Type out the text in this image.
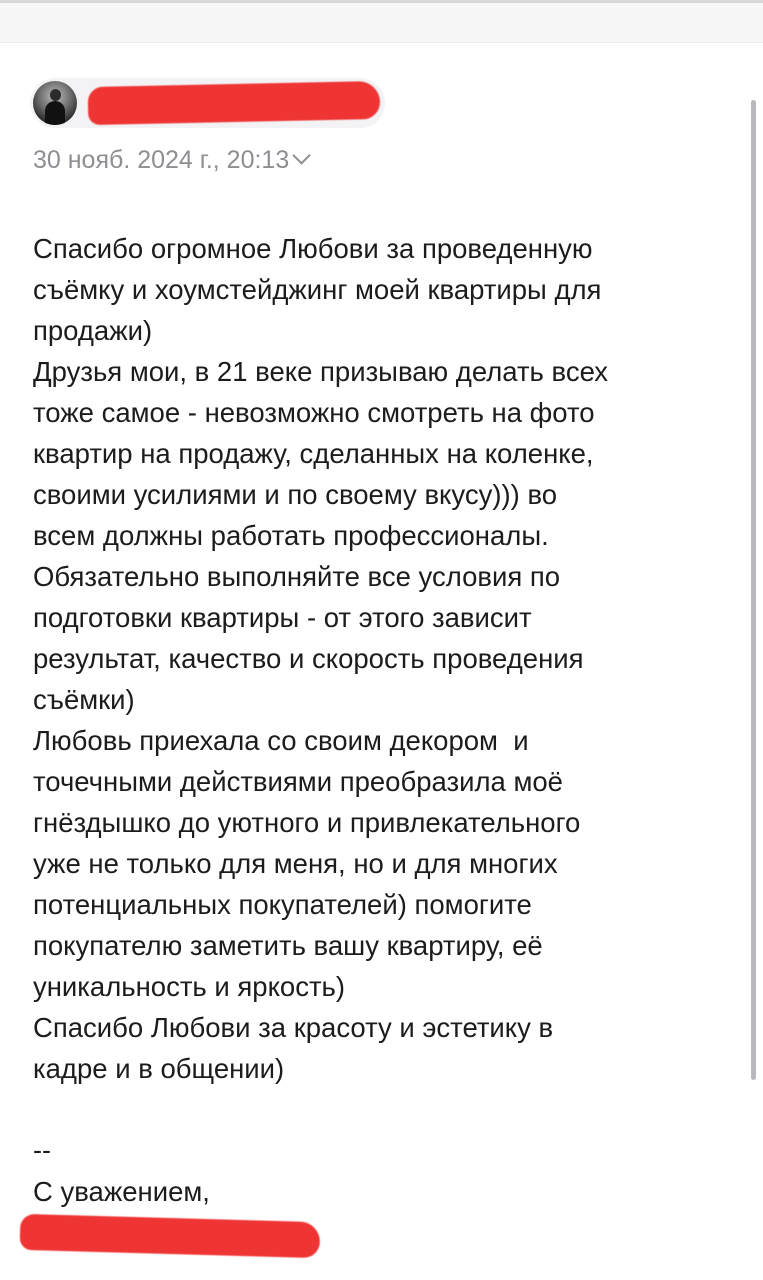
30 нояб. 2024 г., 20:13
Спасибо огромное Любови за проведенную
съёмку и хоумстейджинг моей квартиры для
продажи)
Друзья мои, в 21 веке призываю делать всех
тоже самое - невозможно смотреть на фото
квартир на продажу, сделанных на коленке,
своими усилиями и по своему вкусу))) во
всем должны работать профессионалы.
Обязательно выполняйте все условия по
подготовки квартиры - от этого зависит
результат, качество и скорость проведения
съёмки)
Любовь приехала со своим декором  и
точечными действиями преобразила моё
гнёздышко до уютного и привлекательного
уже не только для меня, но и для многих
потенциальных покупателей) помогите
покупателю заметить вашу квартиру, её
уникальность и яркость)
Спасибо Любови за красоту и эстетику в
кадре и в общении)
--
С уважением,
